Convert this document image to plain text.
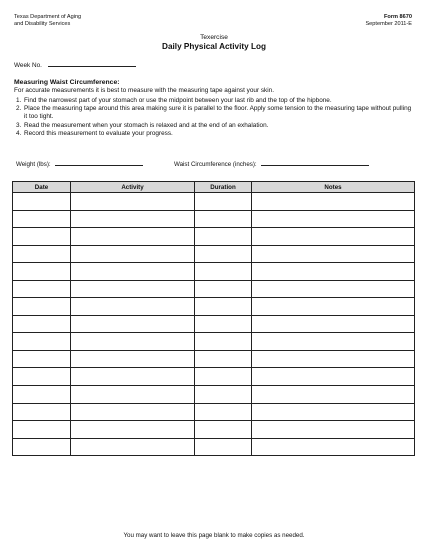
Texas Department of Aging
and Disability Services
Form 8670
September 2011-E
Texercise
Daily Physical Activity Log
Week No.
Measuring Waist Circumference:
For accurate measurements it is best to measure with the measuring tape against your skin.
1. Find the narrowest part of your stomach or use the midpoint between your last rib and the top of the hipbone.
2. Place the measuring tape around this area making sure it is parallel to the floor. Apply some tension to the measuring tape without pulling it too tight.
3. Read the measurement when your stomach is relaxed and at the end of an exhalation.
4. Record this measurement to evaluate your progress.
Weight (lbs):	Waist Circumference (inches):
Date	Activity	Duration	Notes

You may want to leave this page blank to make copies as needed.
